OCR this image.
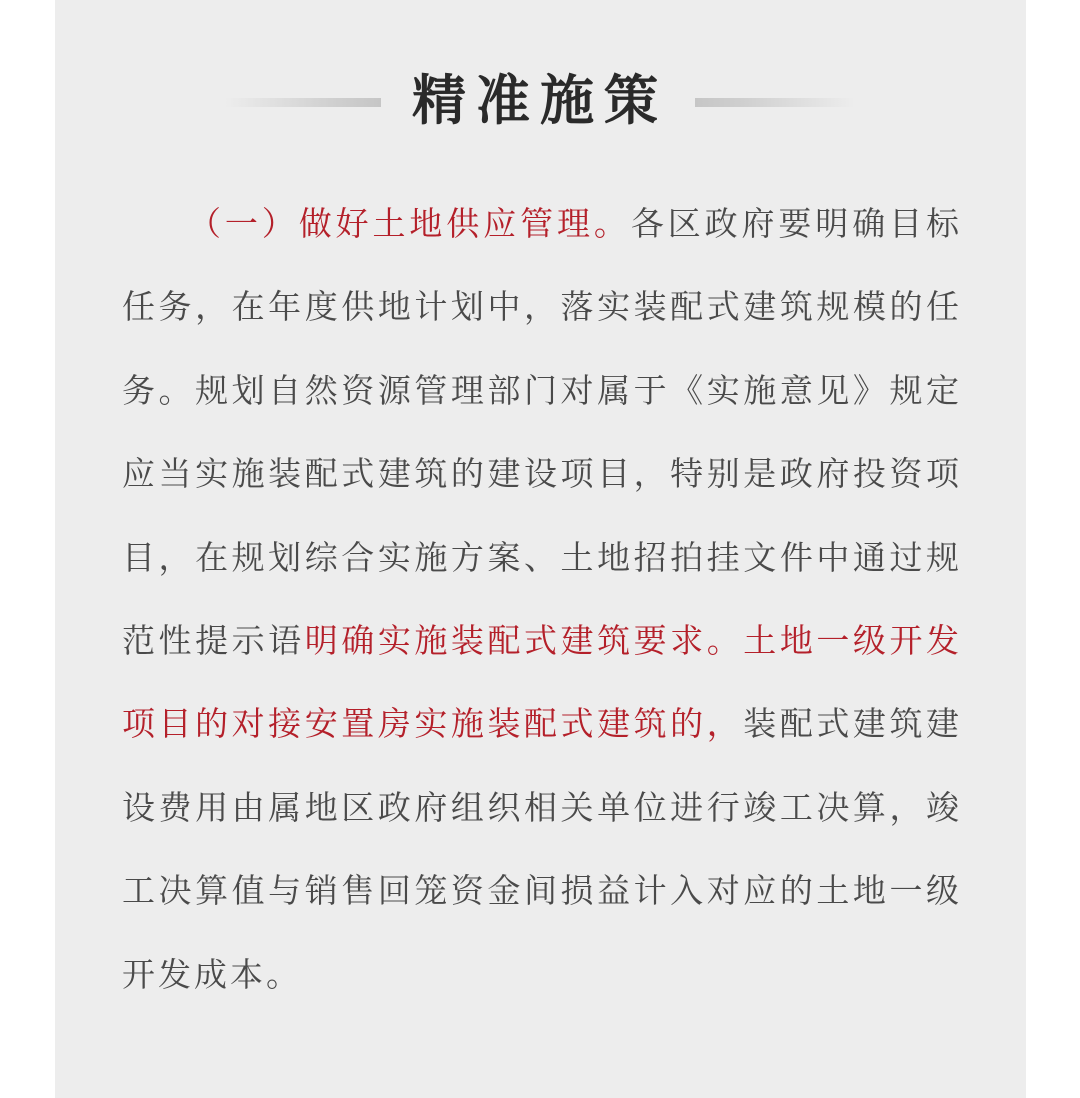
精准施策

（一）做好土地供应管理。各区政府要明确目标任务，在年度供地计划中，落实装配式建筑规模的任务。规划自然资源管理部门对属于《实施意见》规定应当实施装配式建筑的建设项目，特别是政府投资项目，在规划综合实施方案、土地招拍挂文件中通过规范性提示语明确实施装配式建筑要求。土地一级开发项目的对接安置房实施装配式建筑的，装配式建筑建设费用由属地区政府组织相关单位进行竣工决算，竣工决算值与销售回笼资金间损益计入对应的土地一级开发成本。
